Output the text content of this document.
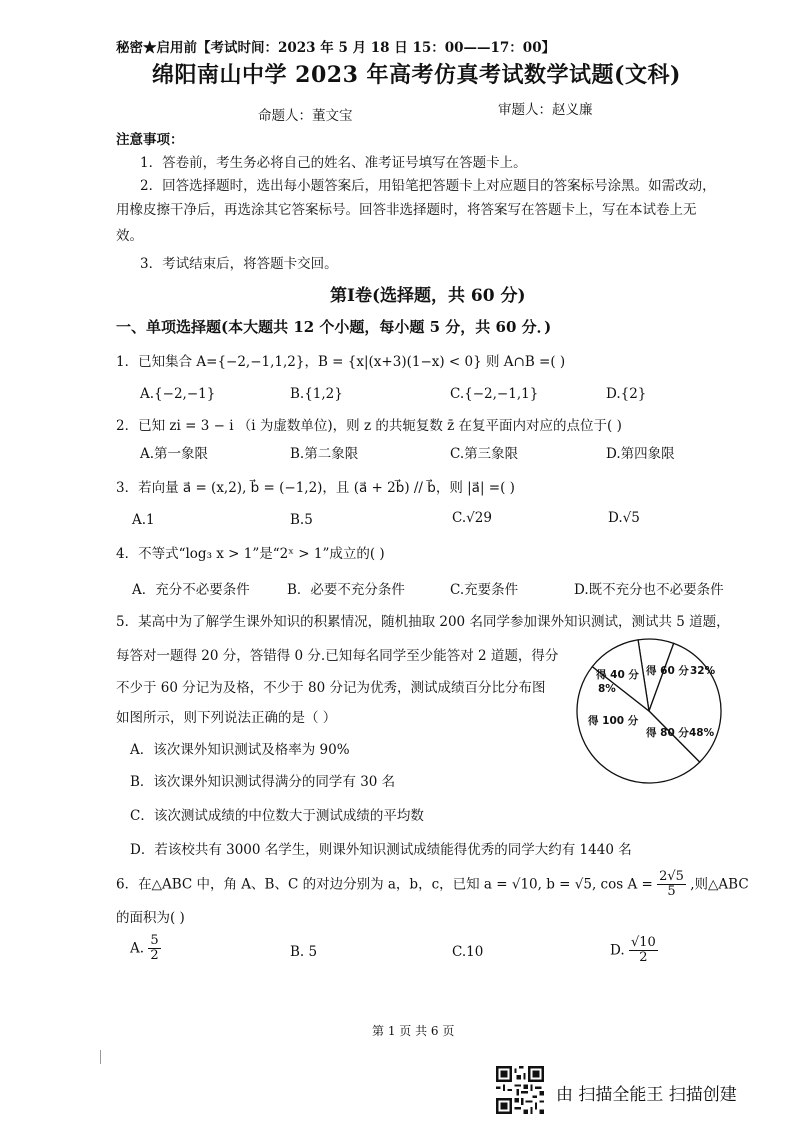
秘密★启用前【考试时间：2023 年 5 月 18 日 15：00——17：00】
绵阳南山中学 2023 年高考仿真考试数学试题(文科)
命题人：董文宝	审题人：赵义廉
注意事项：
1．答卷前，考生务必将自己的姓名、准考证号填写在答题卡上。
2．回答选择题时，选出每小题答案后，用铅笔把答题卡上对应题目的答案标号涂黑。如需改动，
用橡皮擦干净后，再选涂其它答案标号。回答非选择题时，将答案写在答题卡上，写在本试卷上无
效。
3．考试结束后，将答题卡交回。
第Ⅰ卷(选择题，共 60 分)
一、单项选择题(本大题共 12 个小题，每小题 5 分，共 60 分．)
1．已知集合 A={−2,−1,1,2}，B = {x|(x+3)(1−x) < 0} 则 A∩B =( )
A.{−2,−1}	B.{1,2}	C.{−2,−1,1}	D.{2}
2．已知 zi = 3 − i （i 为虚数单位)，则 z 的共轭复数 z̄ 在复平面内对应的点位于( )
A.第一象限	B.第二象限	C.第三象限	D.第四象限
3．若向量 a⃗ = (x,2), b⃗ = (−1,2)，且 (a⃗ + 2b⃗) // b⃗，则 |a⃗| =( )
A.1	B.5	C.√29	D.√5
4．不等式“log₃ x > 1”是“2ˣ > 1”成立的( )
A．充分不必要条件	B．必要不充分条件	C.充要条件	D.既不充分也不必要条件
5．某高中为了解学生课外知识的积累情况，随机抽取 200 名同学参加课外知识测试，测试共 5 道题，
每答对一题得 20 分，答错得 0 分.已知每名同学至少能答对 2 道题，得分
不少于 60 分记为及格，不少于 80 分记为优秀，测试成绩百分比分布图
如图所示，则下列说法正确的是（ ）
A．该次课外知识测试及格率为 90%
B．该次课外知识测试得满分的同学有 30 名
C．该次测试成绩的中位数大于测试成绩的平均数
D．若该校共有 3000 名学生，则课外知识测试成绩能得优秀的同学大约有 1440 名
得 40 分
8%
得 60 分 32%
得 80 分 48%
得 100 分
6．在△ABC 中，角 A、B、C 的对边分别为 a，b，c，已知 a = √10, b = √5, $\cos A = \frac{2√5}{5}$ ,则△ABC
的面积为( )
A. $\frac{5}{2}$	B. 5	C.10	D. $\frac{√10}{2}$
第 1 页 共 6 页
由 扫描全能王 扫描创建
